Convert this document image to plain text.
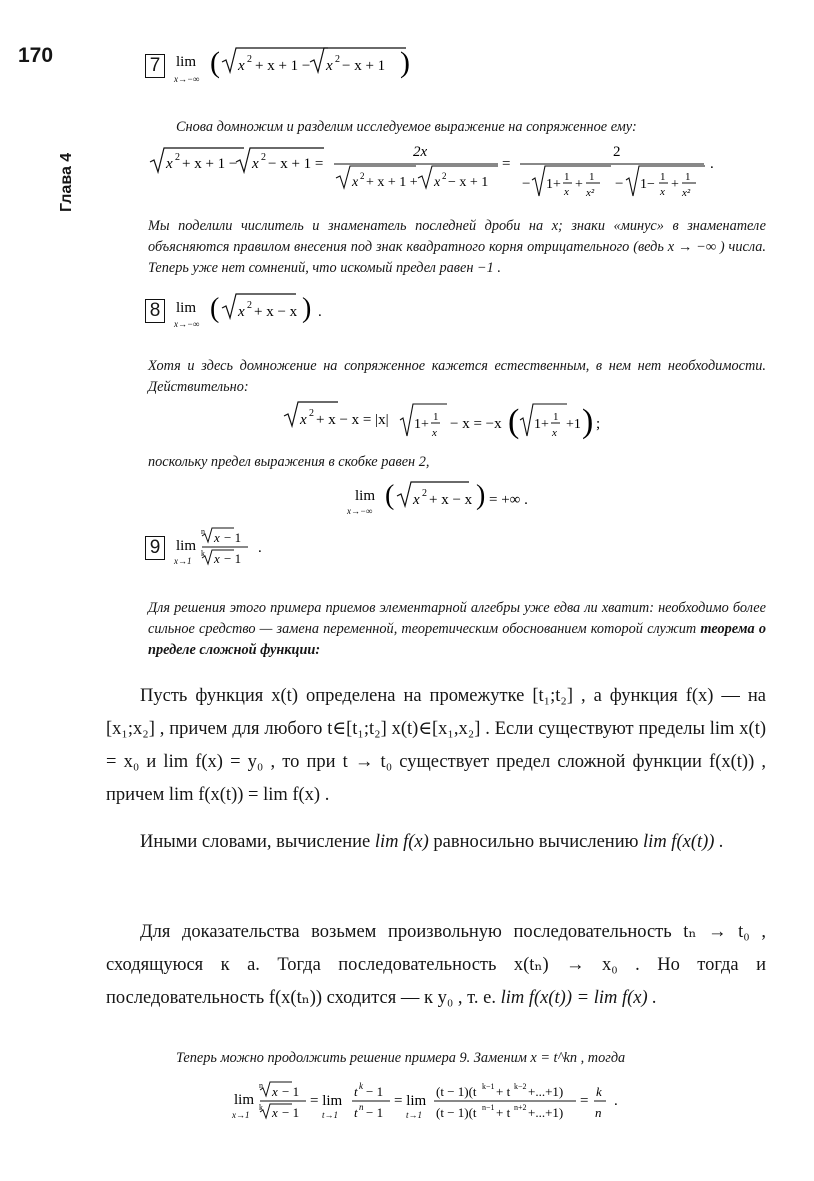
170
Глава 4
7	lim
x→−∞ ( x 2 + x + 1 − x 2 − x + 1 )
Снова домножим и разделим исследуемое выражение на сопряженное ему:
x 2 + x + 1 − x 2 − x + 1 =
2x
x 2 + x + 1 + x 2 − x + 1
=
2
− 1+ 1
x + 1
x²
− 1− 1
x + 1
x²
.
Мы поделили числитель и знаменатель последней дроби на x; знаки «минус» в знаменателе объясняются правилом внесения под знак квадратного корня отрицательного (ведь x → −∞ ) числа. Теперь уже нет сомнений, что искомый предел равен −1 .
8	lim
x→−∞ ( x 2 + x − x ) .
Хотя и здесь домножение на сопряженное кажется естественным, в нем нет необходимости. Действительно:
x 2 + x − x = |x| 1+ 1
x
− x = −x ( 1+ 1
x
+1 ) ;
поскольку предел выражения в скобке равен 2,
lim
x→−∞ ( x 2 + x − x ) = +∞ .
9	lim
x→1
n x − 1
k x − 1
.
Для решения этого примера приемов элементарной алгебры уже едва ли хватит: необходимо более сильное средство — замена переменной, теоретическим обоснованием которой служит теорема о пределе сложной функции:
Пусть функция x(t) определена на промежутке [t₁;t₂] , а функция f(x) — на [x₁;x₂] , причем для любого t∈[t₁;t₂] x(t)∈[x₁,x₂] . Если существуют пределы lim x(t) = x₀ и lim f(x) = y₀ , то при t → t₀ существует предел сложной функции f(x(t)) , причем lim f(x(t)) = lim f(x) .
Иными словами, вычисление lim f(x) равносильно вычислению lim f(x(t)) .
Для доказательства возьмем произвольную последовательность tₙ → t₀ , сходящуюся к a. Тогда последовательность x(tₙ) → x₀ . Но тогда и последовательность f(x(tₙ)) сходится — к y₀ , т. е. lim f(x(t)) = lim f(x) .
Теперь можно продолжить решение примера 9. Заменим x = t^kn , тогда
lim
x→1
n x − 1
k x − 1
= lim
t→1
t k − 1
t n − 1
= lim
t→1
(t − 1)(t k−1 + t k−2 +...+1)
(t − 1)(t n−1 + t n+2 +...+1)
=
k
n
.
